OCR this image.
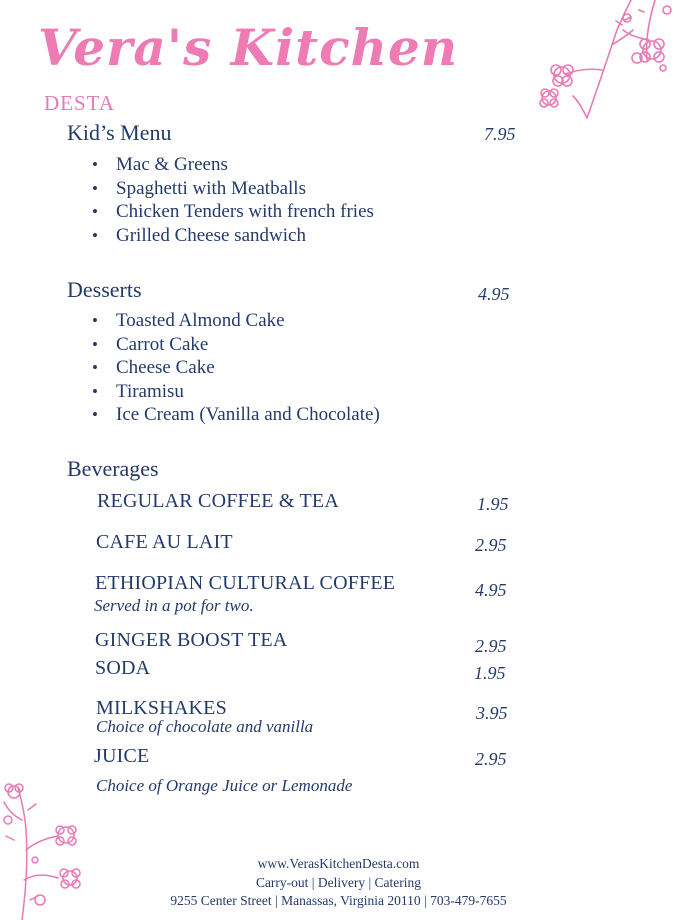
Vera's Kitchen
DESTA
Kid’s Menu	7.95
• Mac & Greens
• Spaghetti with Meatballs
• Chicken Tenders with french fries
• Grilled Cheese sandwich
Desserts	4.95
• Toasted Almond Cake
• Carrot Cake
• Cheese Cake
• Tiramisu
• Ice Cream (Vanilla and Chocolate)
Beverages
REGULAR COFFEE & TEA	1.95
CAFE AU LAIT	2.95
ETHIOPIAN CULTURAL COFFEE	4.95
Served in a pot for two.
GINGER BOOST TEA	2.95
SODA	1.95
MILKSHAKES	3.95
Choice of chocolate and vanilla
JUICE	2.95
Choice of Orange Juice or Lemonade
www.VerasKitchenDesta.com
Carry-out | Delivery | Catering
9255 Center Street | Manassas, Virginia 20110 | 703-479-7655
